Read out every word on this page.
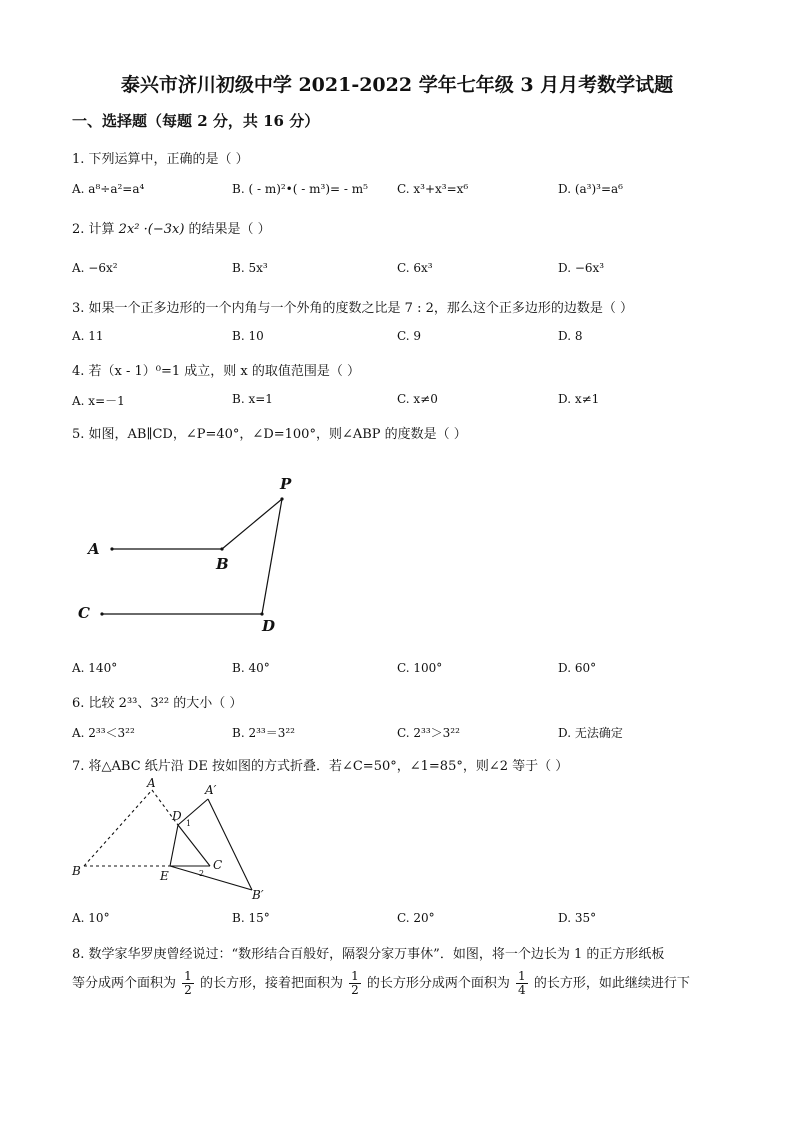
泰兴市济川初级中学 2021-2022 学年七年级 3 月月考数学试题
一、选择题（每题 2 分，共 16 分）
1. 下列运算中，正确的是（ ）
A. a⁸÷a²=a⁴	B. ( - m)²•( - m³)= - m⁵ C. x³+x³=x⁶	D. (a³)³=a⁶
2. 计算 2x² ·(−3x) 的结果是（ ）
A. −6x²	B. 5x³	C. 6x³	D. −6x³
3. 如果一个正多边形的一个内角与一个外角的度数之比是 7 : 2，那么这个正多边形的边数是（ ）
A. 11	B. 10	C. 9	D. 8
4. 若（x - 1）⁰=1 成立，则 x 的取值范围是（ ）
A. x=－1	B. x=1	C. x≠0	D. x≠1
5. 如图，AB∥CD，∠P=40°，∠D=100°，则∠ABP 的度数是（ ）
A
B
P
C
D
A. 140°	B. 40°	C. 100°	D. 60°
6. 比较 2³³、3²² 的大小（ ）
A. 2³³＜3²²	B. 2³³＝3²²	C. 2³³＞3²²	D. 无法确定
7. 将△ABC 纸片沿 DE 按如图的方式折叠．若∠C=50°，∠1=85°，则∠2 等于（ ）
A	A′
B
B′
C
D
E
1
2
A. 10°	B. 15°	C. 20°	D. 35°
8. 数学家华罗庚曾经说过：“数形结合百般好，隔裂分家万事休”．如图，将一个边长为 1 的正方形纸板
等分成两个面积为 $\frac{1}{2}$ 的长方形，接着把面积为 $\frac{1}{2}$ 的长方形分成两个面积为 $\frac{1}{4}$ 的长方形，如此继续进行下
